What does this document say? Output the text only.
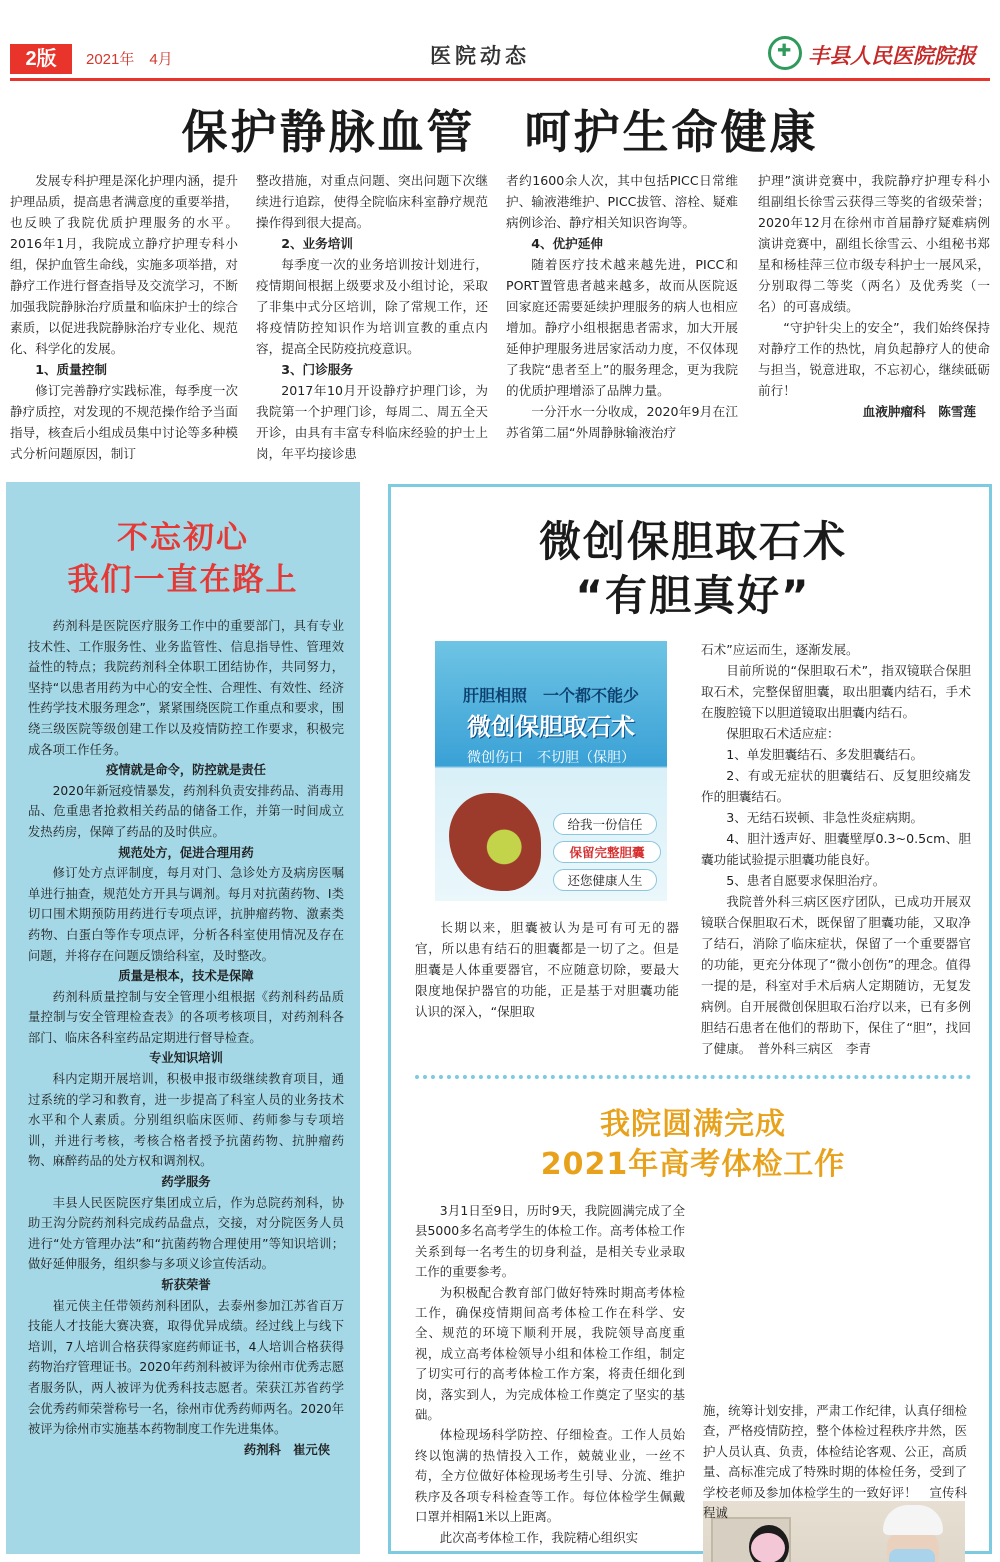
2版	2021年　4月	医院动态
✚	丰县人民医院院报
保护静脉血管　呵护生命健康

发展专科护理是深化护理内涵，提升护理品质，提高患者满意度的重要举措，也反映了我院优质护理服务的水平。2016年1月，我院成立静疗护理专科小组，保护血管生命线，实施多项举措，对静疗工作进行督查指导及交流学习，不断加强我院静脉治疗质量和临床护士的综合素质，以促进我院静脉治疗专业化、规范化、科学化的发展。

1、质量控制

修订完善静疗实践标准，每季度一次静疗质控，对发现的不规范操作给予当面指导，核查后小组成员集中讨论等多种模式分析问题原因，制订

整改措施，对重点问题、突出问题下次继续进行追踪，使得全院临床科室静疗规范操作得到很大提高。

2、业务培训

每季度一次的业务培训按计划进行，疫情期间根据上级要求及小组讨论，采取了非集中式分区培训，除了常规工作，还将疫情防控知识作为培训宣教的重点内容，提高全民防疫抗疫意识。

3、门诊服务

2017年10月开设静疗护理门诊，为我院第一个护理门诊，每周二、周五全天开诊，由具有丰富专科临床经验的护士上岗，年平均接诊患

者约1600余人次，其中包括PICC日常维护、输液港维护、PICC拔管、溶栓、疑难病例诊治、静疗相关知识咨询等。

4、优护延伸

随着医疗技术越来越先进，PICC和PORT置管患者越来越多，故而从医院返回家庭还需要延续护理服务的病人也相应增加。静疗小组根据患者需求，加大开展延伸护理服务进居家活动力度，不仅体现了我院“患者至上”的服务理念，更为我院的优质护理增添了品牌力量。

一分汗水一分收成，2020年9月在江苏省第二届“外周静脉输液治疗

护理”演讲竞赛中，我院静疗护理专科小组副组长徐雪云获得三等奖的省级荣誉；2020年12月在徐州市首届静疗疑难病例演讲竞赛中，副组长徐雪云、小组秘书郑星和杨桂萍三位市级专科护士一展风采，分别取得二等奖（两名）及优秀奖（一名）的可喜成绩。

“守护针尖上的安全”，我们始终保持对静疗工作的热忱，肩负起静疗人的使命与担当，锐意进取，不忘初心，继续砥砺前行！

血液肿瘤科　陈雪莲

不忘初心
我们一直在路上

药剂科是医院医疗服务工作中的重要部门，具有专业技术性、工作服务性、业务监管性、信息指导性、管理效益性的特点；我院药剂科全体职工团结协作，共同努力，坚持“以患者用药为中心的安全性、合理性、有效性、经济性药学技术服务理念”，紧紧围绕医院工作重点和要求，围绕三级医院等级创建工作以及疫情防控工作要求，积极完成各项工作任务。

疫情就是命令，防控就是责任

2020年新冠疫情暴发，药剂科负责安排药品、消毒用品、危重患者抢救相关药品的储备工作，并第一时间成立发热药房，保障了药品的及时供应。

规范处方，促进合理用药

修订处方点评制度，每月对门、急诊处方及病房医嘱单进行抽查，规范处方开具与调剂。每月对抗菌药物、Ⅰ类切口围术期预防用药进行专项点评，抗肿瘤药物、激素类药物、白蛋白等作专项点评，分析各科室使用情况及存在问题，并将存在问题反馈给科室，及时整改。

质量是根本，技术是保障

药剂科质量控制与安全管理小组根据《药剂科药品质量控制与安全管理检查表》的各项考核项目，对药剂科各部门、临床各科室药品定期进行督导检查。

专业知识培训

科内定期开展培训，积极申报市级继续教育项目，通过系统的学习和教育，进一步提高了科室人员的业务技术水平和个人素质。分别组织临床医师、药师参与专项培训，并进行考核，考核合格者授予抗菌药物、抗肿瘤药物、麻醉药品的处方权和调剂权。

药学服务

丰县人民医院医疗集团成立后，作为总院药剂科，协助王沟分院药剂科完成药品盘点，交接，对分院医务人员进行“处方管理办法”和“抗菌药物合理使用”等知识培训；做好延伸服务，组织参与多项义诊宣传活动。

斩获荣誉

崔元侠主任带领药剂科团队，去泰州参加江苏省百万技能人才技能大赛决赛，取得优异成绩。经过线上与线下培训，7人培训合格获得家庭药师证书，4人培训合格获得药物治疗管理证书。2020年药剂科被评为徐州市优秀志愿者服务队，两人被评为优秀科技志愿者。荣获江苏省药学会优秀药师荣誉称号一名，徐州市优秀药师两名。2020年被评为徐州市实施基本药物制度工作先进集体。

药剂科　崔元侠

微创保胆取石术
“有胆真好”
肝胆相照　一个都不能少
微创保胆取石术
微创伤口　不切胆（保胆）
给我一份信任
保留完整胆囊
还您健康人生

长期以来，胆囊被认为是可有可无的器官，所以患有结石的胆囊都是一切了之。但是胆囊是人体重要器官，不应随意切除，要最大限度地保护器官的功能，正是基于对胆囊功能认识的深入，“保胆取

石术”应运而生，逐渐发展。

目前所说的“保胆取石术”，指双镜联合保胆取石术，完整保留胆囊，取出胆囊内结石，手术在腹腔镜下以胆道镜取出胆囊内结石。

保胆取石术适应症：

1、单发胆囊结石、多发胆囊结石。

2、有或无症状的胆囊结石、反复胆绞痛发作的胆囊结石。

3、无结石崁顿、非急性炎症病期。

4、胆汁透声好、胆囊壁厚0.3~0.5cm、胆囊功能试验提示胆囊功能良好。

5、患者自愿要求保胆治疗。

我院普外科三病区医疗团队，已成功开展双镜联合保胆取石术，既保留了胆囊功能，又取净了结石，消除了临床症状，保留了一个重要器官的功能，更充分体现了“微小创伤”的理念。值得一提的是，科室对手术后病人定期随访，无复发病例。自开展微创保胆取石治疗以来，已有多例胆结石患者在他们的帮助下，保住了“胆”，找回了健康。　普外科三病区　李青

我院圆满完成
2021年高考体检工作

3月1日至9日，历时9天，我院圆满完成了全县5000多名高考学生的体检工作。高考体检工作关系到每一名考生的切身利益，是相关专业录取工作的重要参考。

为积极配合教育部门做好特殊时期高考体检工作，确保疫情期间高考体检工作在科学、安全、规范的环境下顺利开展，我院领导高度重视，成立高考体检领导小组和体检工作组，制定了切实可行的高考体检工作方案，将责任细化到岗，落实到人，为完成体检工作奠定了坚实的基础。

体检现场科学防控、仔细检查。工作人员始终以饱满的热情投入工作，兢兢业业，一丝不苟，全方位做好体检现场考生引导、分流、维护秩序及各项专科检查等工作。每位体检学生佩戴口罩并相隔1米以上距离。

此次高考体检工作，我院精心组织实

施，统筹计划安排，严肃工作纪律，认真仔细检查，严格疫情防控，整个体检过程秩序井然，医护人员认真、负责，体检结论客观、公正，高质量、高标准完成了特殊时期的体检任务，受到了学校老师及参加体检学生的一致好评！　宣传科　程诚
